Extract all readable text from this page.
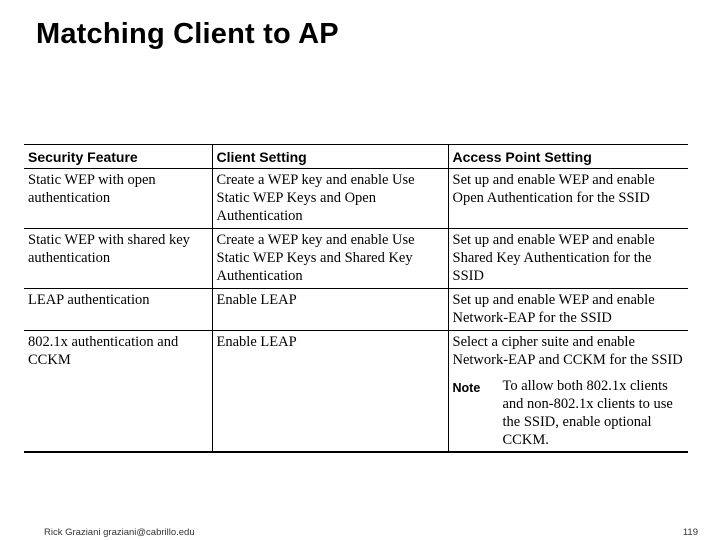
Matching Client to AP
Security Feature	Client Setting	Access Point Setting
Static WEP with open authentication	Create a WEP key and enable Use Static WEP Keys and Open Authentication	Set up and enable WEP and enable Open Authentication for the SSID
Static WEP with shared key authentication	Create a WEP key and enable Use Static WEP Keys and Shared Key Authentication	Set up and enable WEP and enable Shared Key Authentication for the SSID
LEAP authentication	Enable LEAP	Set up and enable WEP and enable Network-EAP for the SSID
802.1x authentication and CCKM	Enable LEAP	Select a cipher suite and enable Network-EAP and CCKM for the SSID
Note To allow both 802.1x clients and non-802.1x clients to use the SSID, enable optional CCKM.
Rick Graziani graziani@cabrillo.edu	119
